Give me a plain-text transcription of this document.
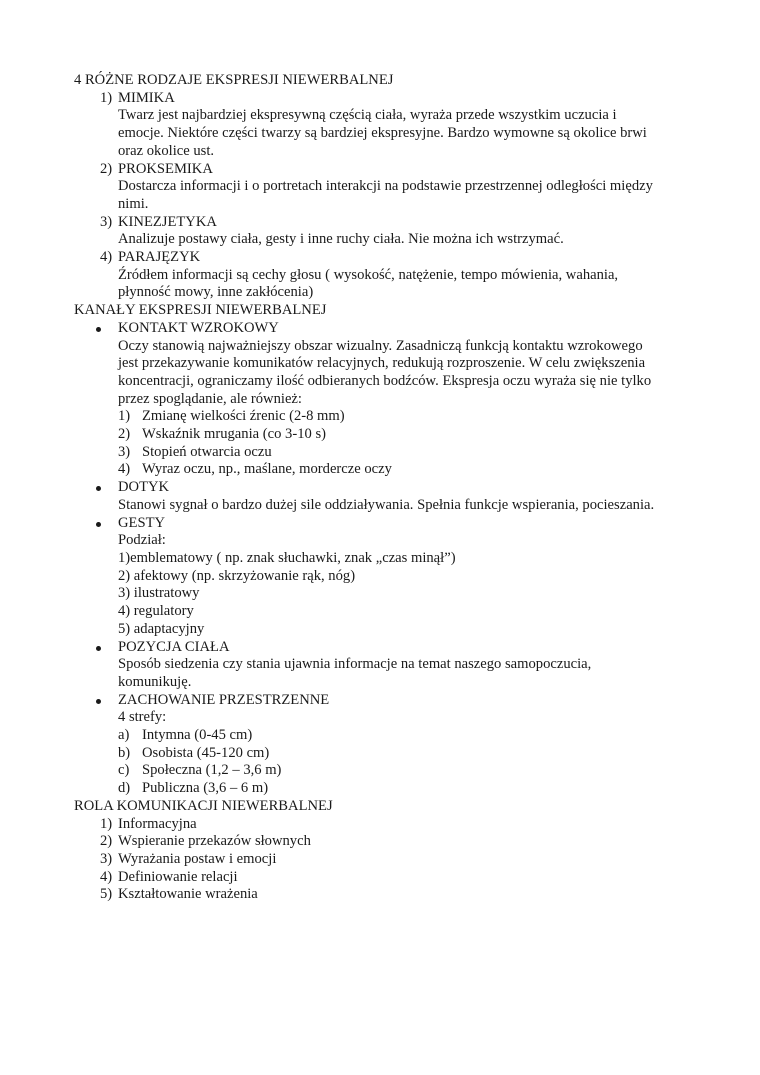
4 RÓŻNE RODZAJE EKSPRESJI NIEWERBALNEJ

1) MIMIKA

Twarz jest najbardziej ekspresywną częścią ciała, wyraża przede wszystkim uczucia i

emocje. Niektóre części twarzy są bardziej ekspresyjne. Bardzo wymowne są okolice brwi

oraz okolice ust.

2) PROKSEMIKA

Dostarcza informacji i o portretach interakcji na podstawie przestrzennej odległości między

nimi.

3) KINEZJETYKA

Analizuje postawy ciała, gesty i inne ruchy ciała. Nie można ich wstrzymać.

4) PARAJĘZYK

Źródłem informacji są cechy głosu ( wysokość, natężenie, tempo mówienia, wahania,

płynność mowy, inne zakłócenia)

KANAŁY EKSPRESJI NIEWERBALNEJ

KONTAKT WZROKOWY

Oczy stanowią najważniejszy obszar wizualny. Zasadniczą funkcją kontaktu wzrokowego

jest przekazywanie komunikatów relacyjnych, redukują rozproszenie. W celu zwiększenia

koncentracji, ograniczamy ilość odbieranych bodźców. Ekspresja oczu wyraża się nie tylko

przez spoglądanie, ale również:

1) Zmianę wielkości źrenic (2-8 mm)
2) Wskaźnik mrugania (co 3-10 s)
3) Stopień otwarcia oczu
4) Wyraz oczu, np., maślane, mordercze oczy
DOTYK

Stanowi sygnał o bardzo dużej sile oddziaływania. Spełnia funkcje wspierania, pocieszania.

GESTY

Podział:

1)emblematowy ( np. znak słuchawki, znak „czas minął”)

2) afektowy (np. skrzyżowanie rąk, nóg)

3) ilustratowy

4) regulatory

5) adaptacyjny

POZYCJA CIAŁA

Sposób siedzenia czy stania ujawnia informacje na temat naszego samopoczucia,

komunikuję.

ZACHOWANIE PRZESTRZENNE

4 strefy:

a) Intymna (0-45 cm)
b) Osobista (45-120 cm)
c) Społeczna (1,2 – 3,6 m)
d) Publiczna (3,6 – 6 m)

ROLA KOMUNIKACJI NIEWERBALNEJ

1) Informacyjna
2) Wspieranie przekazów słownych
3) Wyrażania postaw i emocji
4) Definiowanie relacji
5) Kształtowanie wrażenia
